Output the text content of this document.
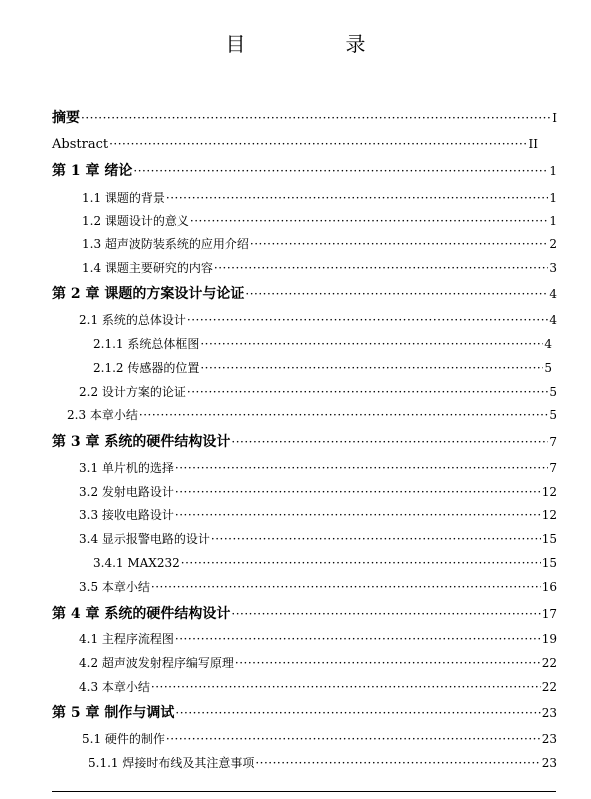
目　录
摘要 ·····	I
Abstract ·····	II
第 1 章 绪论 ·····	1
1.1 课题的背景 ·····	1
1.2 课题设计的意义 ·····	1
1.3 超声波防装系统的应用介绍 ·····	2
1.4 课题主要研究的内容 ·····	3
第 2 章 课题的方案设计与论证 ·····	4
2.1 系统的总体设计 ·····	4
2.1.1 系统总体框图 ·····	4
2.1.2 传感器的位置 ·····	5
2.2 设计方案的论证 ·····	5
2.3 本章小结 ·····	5
第 3 章 系统的硬件结构设计 ·····	7
3.1 单片机的选择 ·····	7
3.2 发射电路设计 ·····	12
3.3 接收电路设计 ·····	12
3.4 显示报警电路的设计 ·····	15
3.4.1 MAX232 ·····	15
3.5 本章小结 ·····	16
第 4 章 系统的硬件结构设计 ·····	17
4.1 主程序流程图 ·····	19
4.2 超声波发射程序编写原理 ·····	22
4.3 本章小结 ·····	22
第 5 章 制作与调试 ·····	23
5.1 硬件的制作 ·····	23
5.1.1 焊接时布线及其注意事项 ·····	23
